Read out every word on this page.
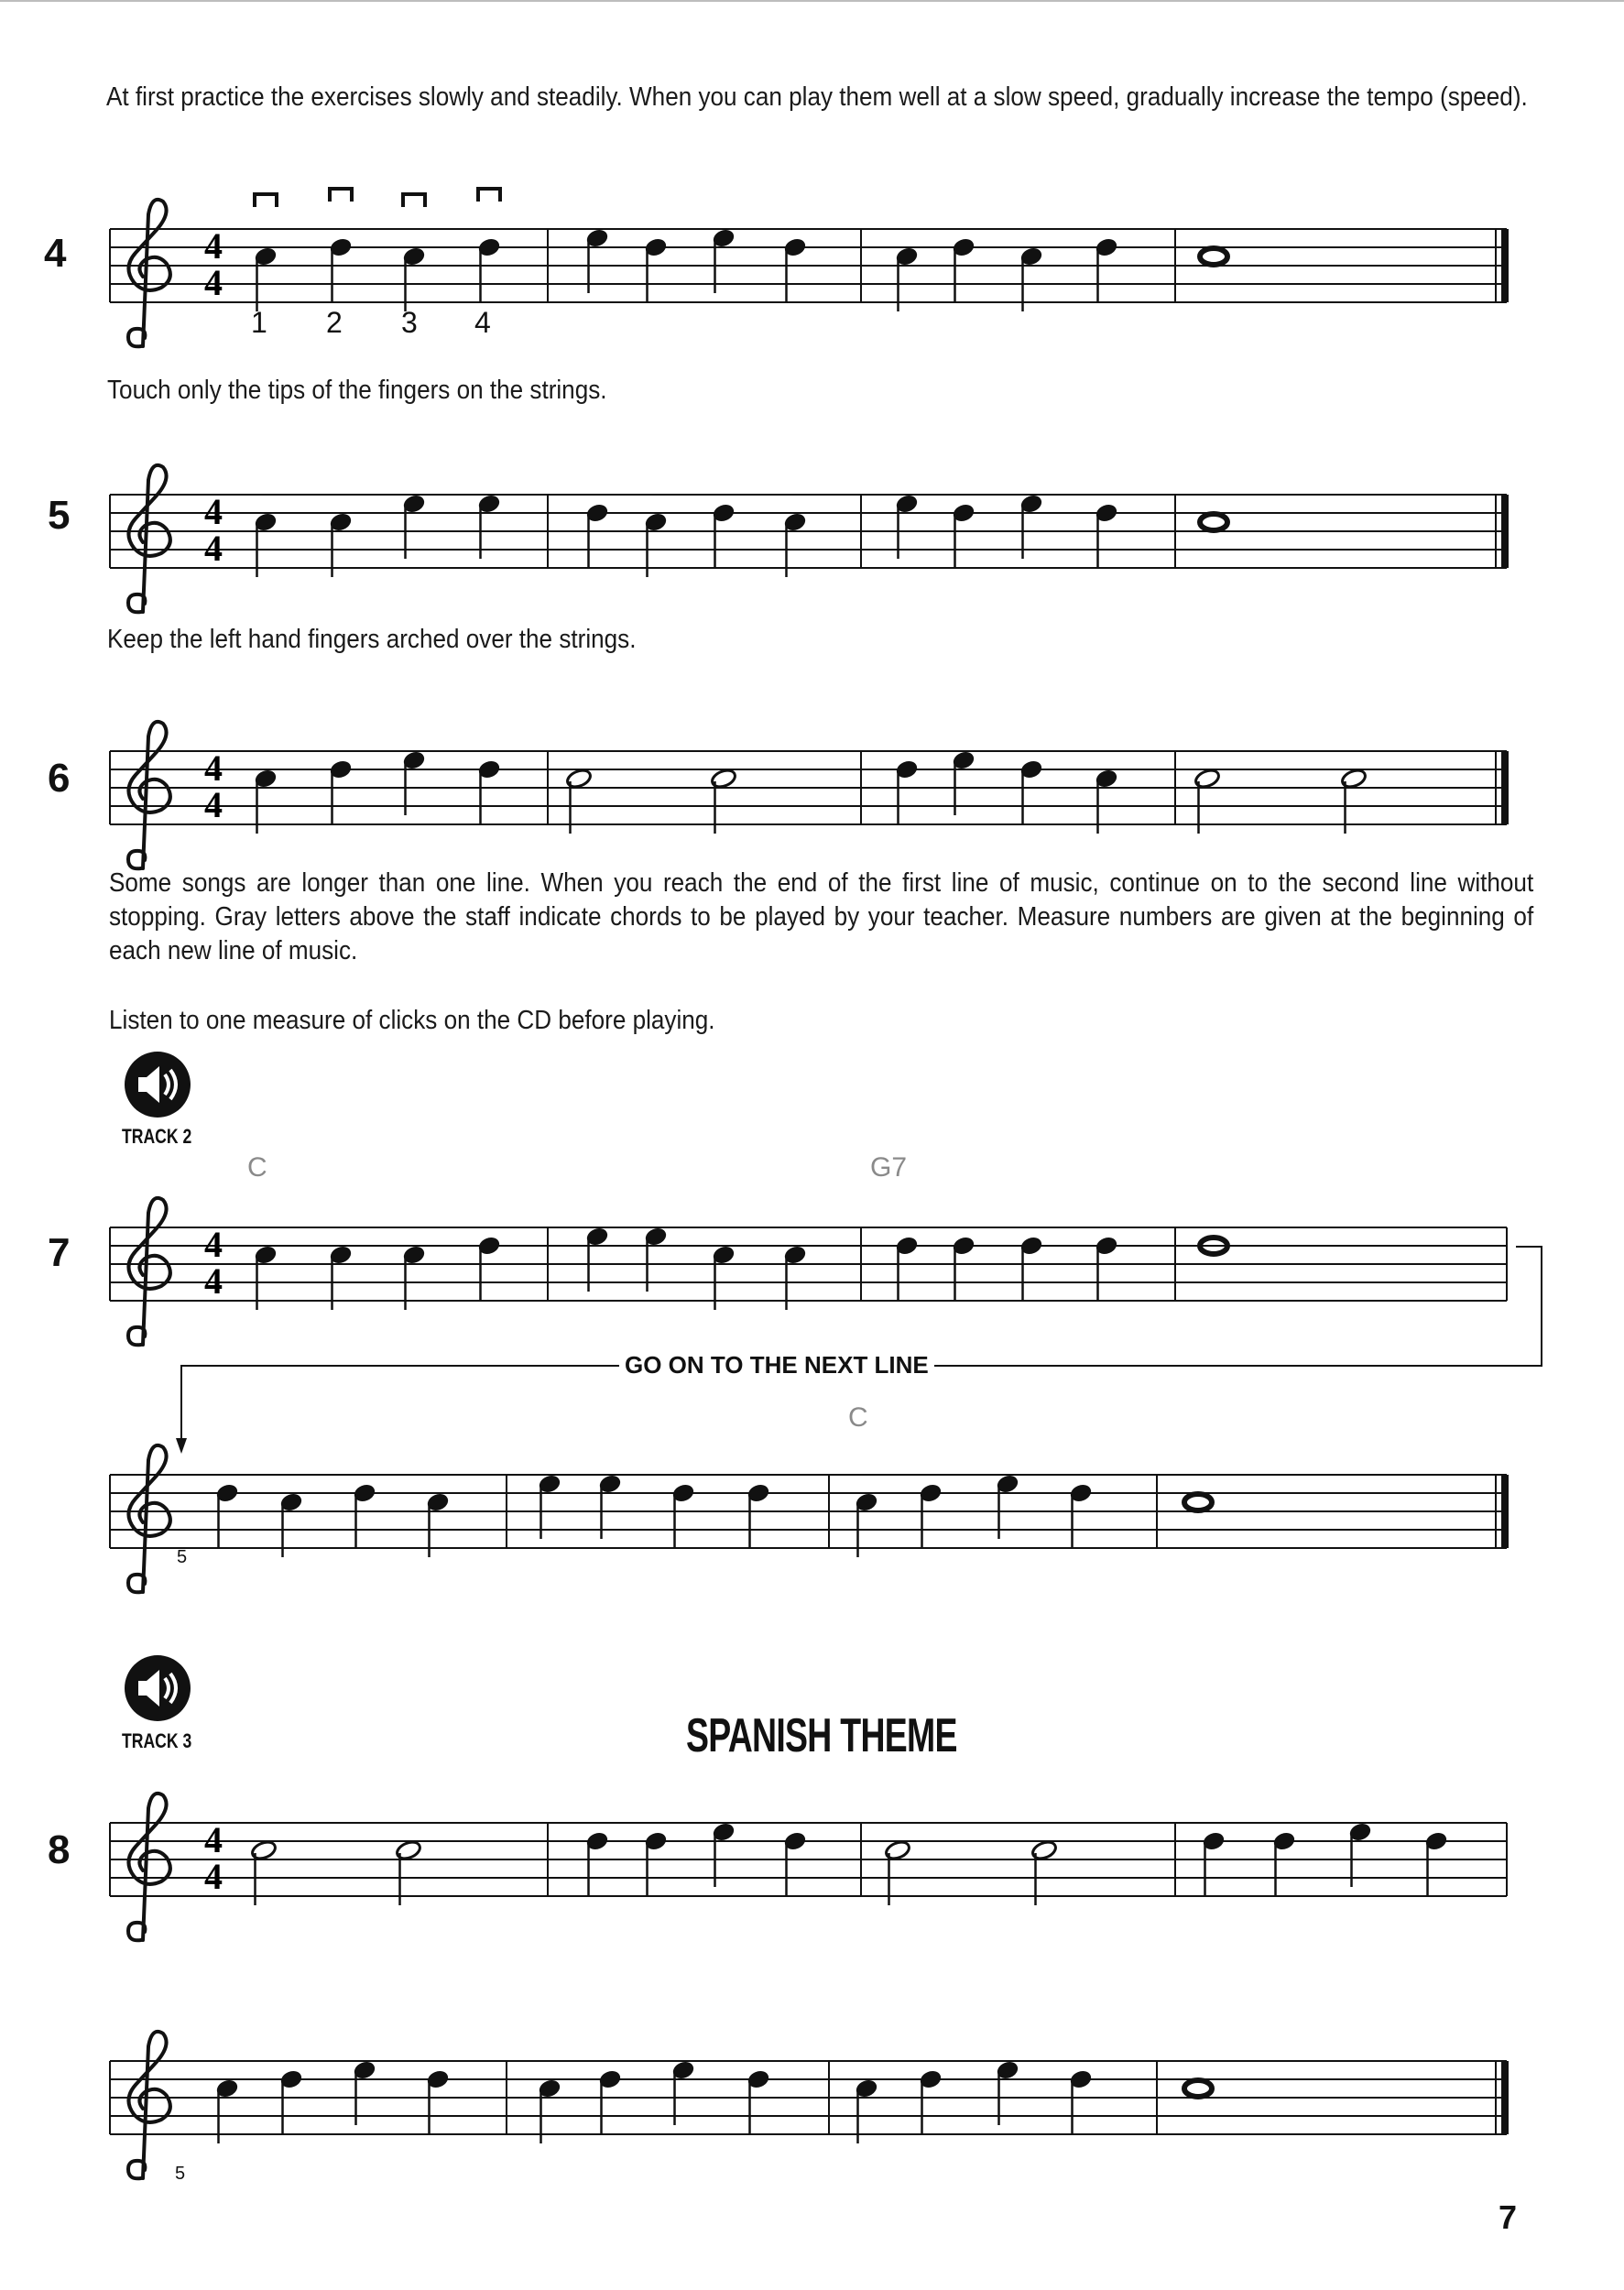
At first practice the exercises slowly and steadily. When you can play them well at a slow speed, gradually increase the tempo (speed).
Touch only the tips of the fingers on the strings.
Keep the left hand fingers arched over the strings.
Some songs are longer than one line. When you reach the end of the first line of music, continue on to the second line without stopping. Gray letters above the staff indicate chords to be played by your teacher. Measure numbers are given at the beginning of each new line of music.
Listen to one measure of clicks on the CD before playing.
4
5
6
7
8
4
4
1 2 3 4
4
4
4
4
TRACK 2
C	G7
C
4
4
GO ON TO THE NEXT LINE
5
TRACK 3	SPANISH THEME
4
4
5
7
